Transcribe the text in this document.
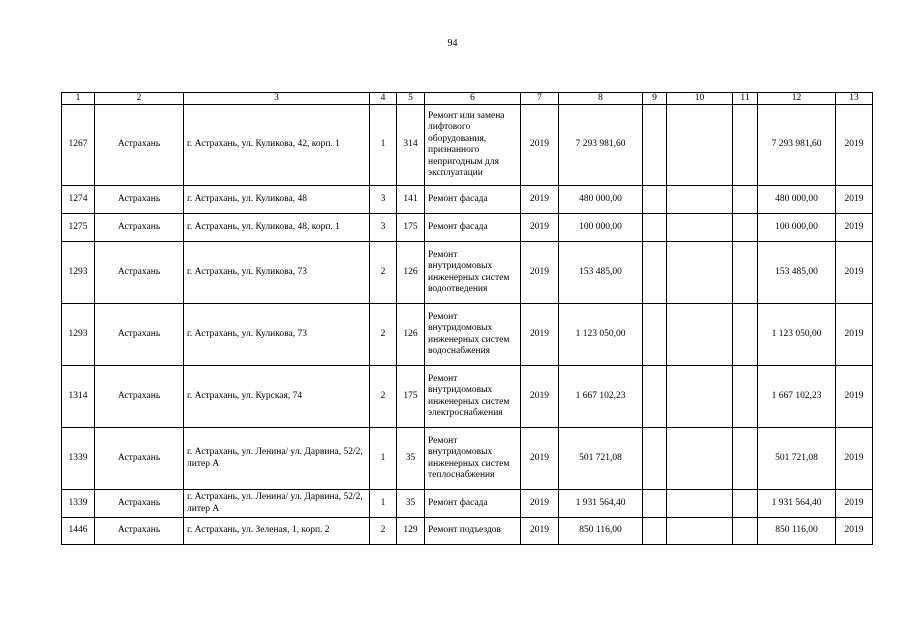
94
1	2	3	4	5	6	7	8	9	10	11	12	13
1267	Астрахань	г. Астрахань, ул. Куликова, 42, корп. 1	1	314	Ремонт или замена лифтового оборудования, признанного непригодным для эксплуатации	2019	7 293 981,60				7 293 981,60	2019
1274	Астрахань	г. Астрахань, ул. Куликова, 48	3	141	Ремонт фасада	2019	480 000,00				480 000,00	2019
1275	Астрахань	г. Астрахань, ул. Куликова, 48, корп. 1	3	175	Ремонт фасада	2019	100 000,00				100 000,00	2019
1293	Астрахань	г. Астрахань, ул. Куликова, 73	2	126	Ремонт внутридомовых инженерных систем водоотведения	2019	153 485,00				153 485,00	2019
1293	Астрахань	г. Астрахань, ул. Куликова, 73	2	126	Ремонт внутридомовых инженерных систем водоснабжения	2019	1 123 050,00				1 123 050,00	2019
1314	Астрахань	г. Астрахань, ул. Курская, 74	2	175	Ремонт внутридомовых инженерных систем электроснабжения	2019	1 667 102,23				1 667 102,23	2019
1339	Астрахань	г. Астрахань, ул. Ленина/ ул. Дарвина, 52/2, литер А	1	35	Ремонт внутридомовых инженерных систем теплоснабжения	2019	501 721,08				501 721,08	2019
1339	Астрахань	г. Астрахань, ул. Ленина/ ул. Дарвина, 52/2, литер А	1	35	Ремонт фасада	2019	1 931 564,40				1 931 564,40	2019
1446	Астрахань	г. Астрахань, ул. Зеленая, 1, корп. 2	2	129	Ремонт подъездов	2019	850 116,00				850 116,00	2019
